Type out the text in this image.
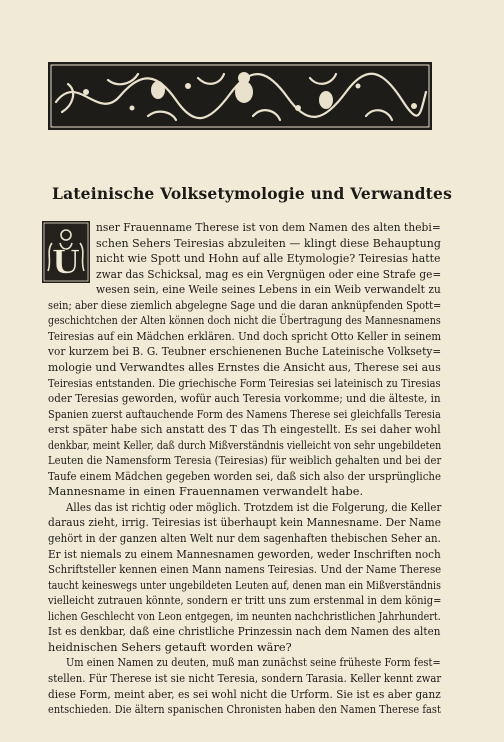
Lateinische Volksetymologie und Verwandtes
U
nser Frauenname Therese ist von dem Namen des alten thebi=
schen Sehers Teiresias abzuleiten — klingt diese Behauptung
nicht wie Spott und Hohn auf alle Etymologie? Teiresias hatte
zwar das Schicksal, mag es ein Vergnügen oder eine Strafe ge=
wesen sein, eine Weile seines Lebens in ein Weib verwandelt zu
sein; aber diese ziemlich abgelegne Sage und die daran anknüpfenden Spott=
geschichtchen der Alten können doch nicht die Übertragung des Mannesnamens
Teiresias auf ein Mädchen erklären. Und doch spricht Otto Keller in seinem
vor kurzem bei B. G. Teubner erschienenen Buche Lateinische Volksety=
mologie und Verwandtes alles Ernstes die Ansicht aus, Therese sei aus
Teiresias entstanden. Die griechische Form Teiresias sei lateinisch zu Tiresias
oder Teresias geworden, wofür auch Teresia vorkomme; und die älteste, in
Spanien zuerst auftauchende Form des Namens Therese sei gleichfalls Teresia
erst später habe sich anstatt des T das Th eingestellt. Es sei daher wohl
denkbar, meint Keller, daß durch Mißverständnis vielleicht von sehr ungebildeten
Leuten die Namensform Teresia (Teiresias) für weiblich gehalten und bei der
Taufe einem Mädchen gegeben worden sei, daß sich also der ursprüngliche
Mannesname in einen Frauennamen verwandelt habe.
Alles das ist richtig oder möglich. Trotzdem ist die Folgerung, die Keller
daraus zieht, irrig. Teiresias ist überhaupt kein Mannesname. Der Name
gehört in der ganzen alten Welt nur dem sagenhaften thebischen Seher an.
Er ist niemals zu einem Mannesnamen geworden, weder Inschriften noch
Schriftsteller kennen einen Mann namens Teiresias. Und der Name Therese
taucht keineswegs unter ungebildeten Leuten auf, denen man ein Mißverständnis
vielleicht zutrauen könnte, sondern er tritt uns zum erstenmal in dem könig=
lichen Geschlecht von Leon entgegen, im neunten nachchristlichen Jahrhundert.
Ist es denkbar, daß eine christliche Prinzessin nach dem Namen des alten
heidnischen Sehers getauft worden wäre?
Um einen Namen zu deuten, muß man zunächst seine früheste Form fest=
stellen. Für Therese ist sie nicht Teresia, sondern Tarasia. Keller kennt zwar
diese Form, meint aber, es sei wohl nicht die Urform. Sie ist es aber ganz
entschieden. Die ältern spanischen Chronisten haben den Namen Therese fast
